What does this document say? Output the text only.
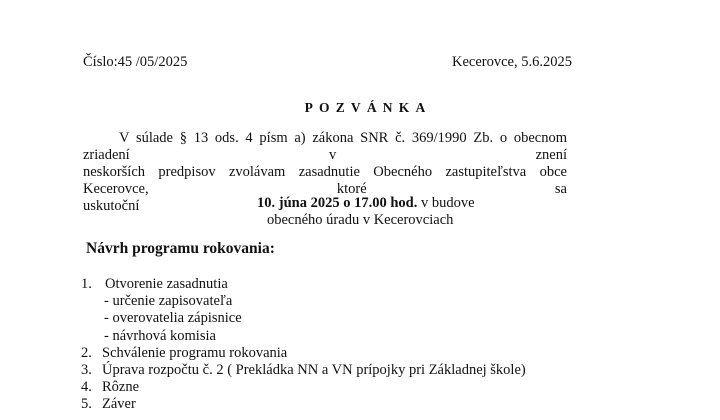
Číslo:45 /05/2025	Kecerovce, 5.6.2025
POZVÁNKA
V súlade § 13 ods. 4 písm a) zákona SNR č. 369/1990 Zb. o obecnom zriadení v znení
neskorších predpisov zvolávam zasadnutie Obecného zastupiteľstva obce Kecerovce, ktoré sa
uskutoční	10. júna 2025 o 17.00 hod. v budove
obecného úradu v Kecerovciach
Návrh programu rokovania:
1. Otvorenie zasadnutia
- určenie zapisovateľa
- overovatelia zápisnice
- návrhová komisia
2. Schválenie programu rokovania
3. Úprava rozpočtu č. 2 ( Prekládka NN a VN prípojky pri Základnej škole)
4. Rôzne
5. Záver
